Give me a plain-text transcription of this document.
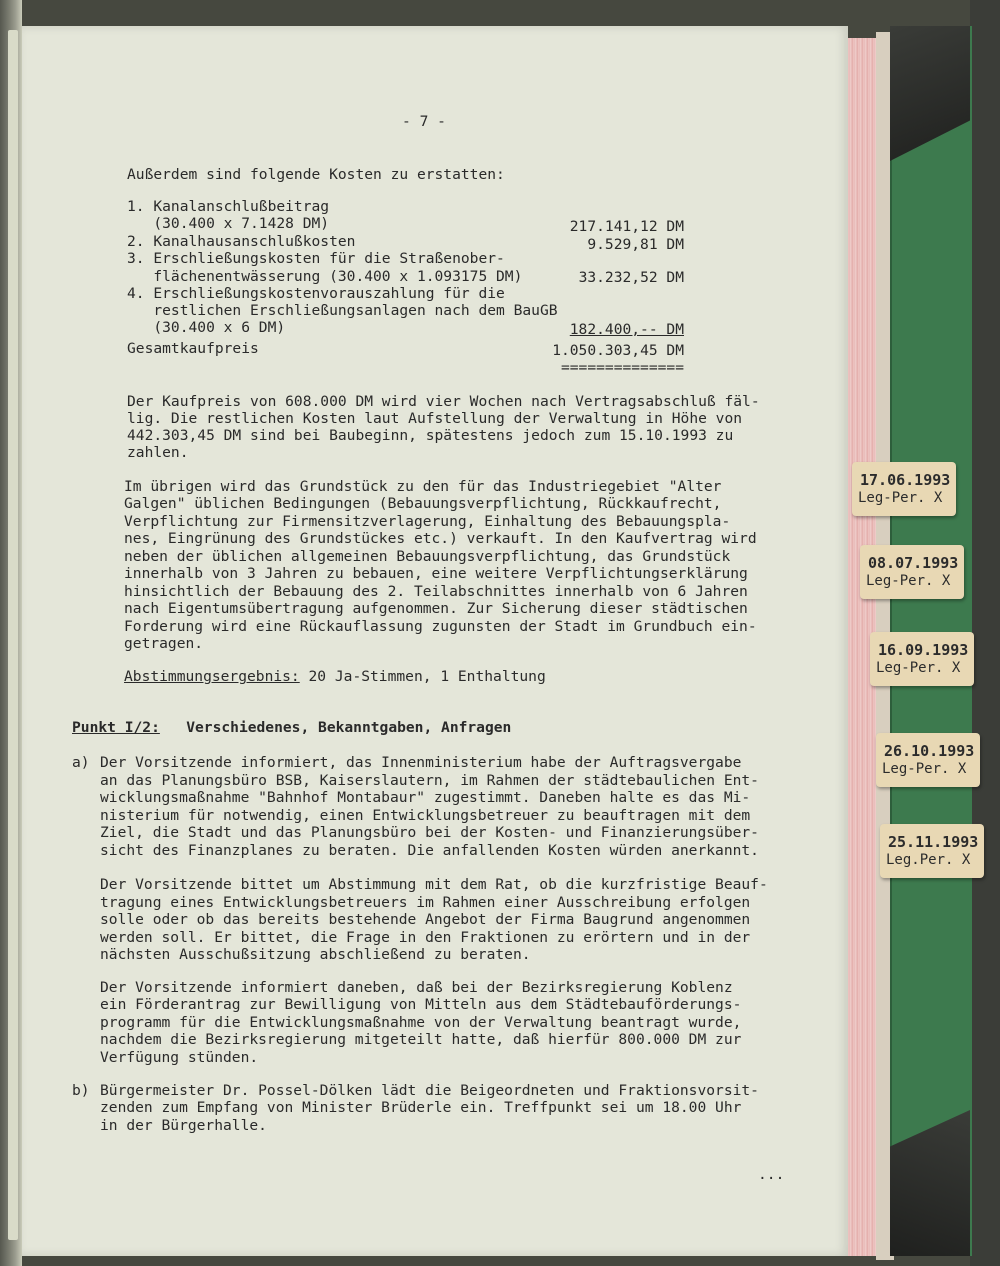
- 7 -
Außerdem sind folgende Kosten zu erstatten:
1. Kanalanschlußbeitrag
(30.400 x 7.1428 DM)	217.141,12 DM
2. Kanalhausanschlußkosten	9.529,81 DM
3. Erschließungskosten für die Straßenober-
flächenentwässerung (30.400 x 1.093175 DM)	33.232,52 DM
4. Erschließungskostenvorauszahlung für die
restlichen Erschließungsanlagen nach dem BauGB
(30.400 x 6 DM)	182.400,-- DM
Gesamtkaufpreis	1.050.303,45 DM
==============
Der Kaufpreis von 608.000 DM wird vier Wochen nach Vertragsabschluß fäl-
lig. Die restlichen Kosten laut Aufstellung der Verwaltung in Höhe von
442.303,45 DM sind bei Baubeginn, spätestens jedoch zum 15.10.1993 zu
zahlen.
Im übrigen wird das Grundstück zu den für das Industriegebiet "Alter
Galgen" üblichen Bedingungen (Bebauungsverpflichtung, Rückkaufrecht,
Verpflichtung zur Firmensitzverlagerung, Einhaltung des Bebauungspla-
nes, Eingrünung des Grundstückes etc.) verkauft. In den Kaufvertrag wird
neben der üblichen allgemeinen Bebauungsverpflichtung, das Grundstück
innerhalb von 3 Jahren zu bebauen, eine weitere Verpflichtungserklärung
hinsichtlich der Bebauung des 2. Teilabschnittes innerhalb von 6 Jahren
nach Eigentumsübertragung aufgenommen. Zur Sicherung dieser städtischen
Forderung wird eine Rückauflassung zugunsten der Stadt im Grundbuch ein-
getragen.
Abstimmungsergebnis: 20 Ja-Stimmen, 1 Enthaltung
Punkt I/2: Verschiedenes, Bekanntgaben, Anfragen
a) Der Vorsitzende informiert, das Innenministerium habe der Auftragsvergabe
an das Planungsbüro BSB, Kaiserslautern, im Rahmen der städtebaulichen Ent-
wicklungsmaßnahme "Bahnhof Montabaur" zugestimmt. Daneben halte es das Mi-
nisterium für notwendig, einen Entwicklungsbetreuer zu beauftragen mit dem
Ziel, die Stadt und das Planungsbüro bei der Kosten- und Finanzierungsüber-
sicht des Finanzplanes zu beraten. Die anfallenden Kosten würden anerkannt.
Der Vorsitzende bittet um Abstimmung mit dem Rat, ob die kurzfristige Beauf-
tragung eines Entwicklungsbetreuers im Rahmen einer Ausschreibung erfolgen
solle oder ob das bereits bestehende Angebot der Firma Baugrund angenommen
werden soll. Er bittet, die Frage in den Fraktionen zu erörtern und in der
nächsten Ausschußsitzung abschließend zu beraten.
Der Vorsitzende informiert daneben, daß bei der Bezirksregierung Koblenz
ein Förderantrag zur Bewilligung von Mitteln aus dem Städtebauförderungs-
programm für die Entwicklungsmaßnahme von der Verwaltung beantragt wurde,
nachdem die Bezirksregierung mitgeteilt hatte, daß hierfür 800.000 DM zur
Verfügung stünden.
b) Bürgermeister Dr. Possel-Dölken lädt die Beigeordneten und Fraktionsvorsit-
zenden zum Empfang von Minister Brüderle ein. Treffpunkt sei um 18.00 Uhr
in der Bürgerhalle.
...
17.06.1993
Leg-Per. X
08.07.1993
Leg-Per. X
16.09.1993
Leg-Per. X
26.10.1993
Leg-Per. X
25.11.1993
Leg.Per. X
